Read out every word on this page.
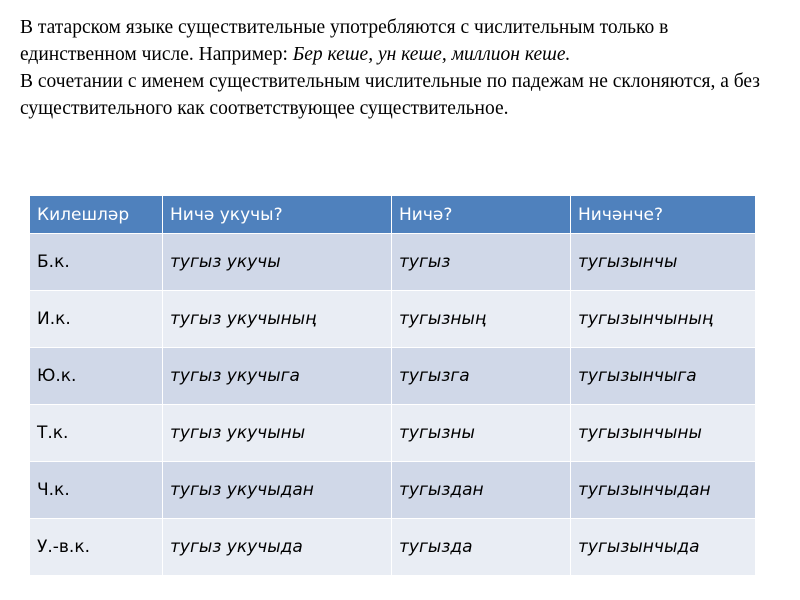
В татарском языке существительные употребляются с числительным только в единственном числе. Например: Бер кеше, ун кеше, миллион кеше.

В сочетании с именем существительным числительные по падежам не склоняются, а без существительного как соответствующее существительное.

Килешләр	Ничә укучы?	Ничә?	Ничәнче?
Б.к.	тугыз укучы	тугыз	тугызынчы
И.к.	тугыз укучының	тугызның	тугызынчының
Ю.к.	тугыз укучыга	тугызга	тугызынчыга
Т.к.	тугыз укучыны	тугызны	тугызынчыны
Ч.к.	тугыз укучыдан	тугыздан	тугызынчыдан
У.-в.к.	тугыз укучыда	тугызда	тугызынчыда
